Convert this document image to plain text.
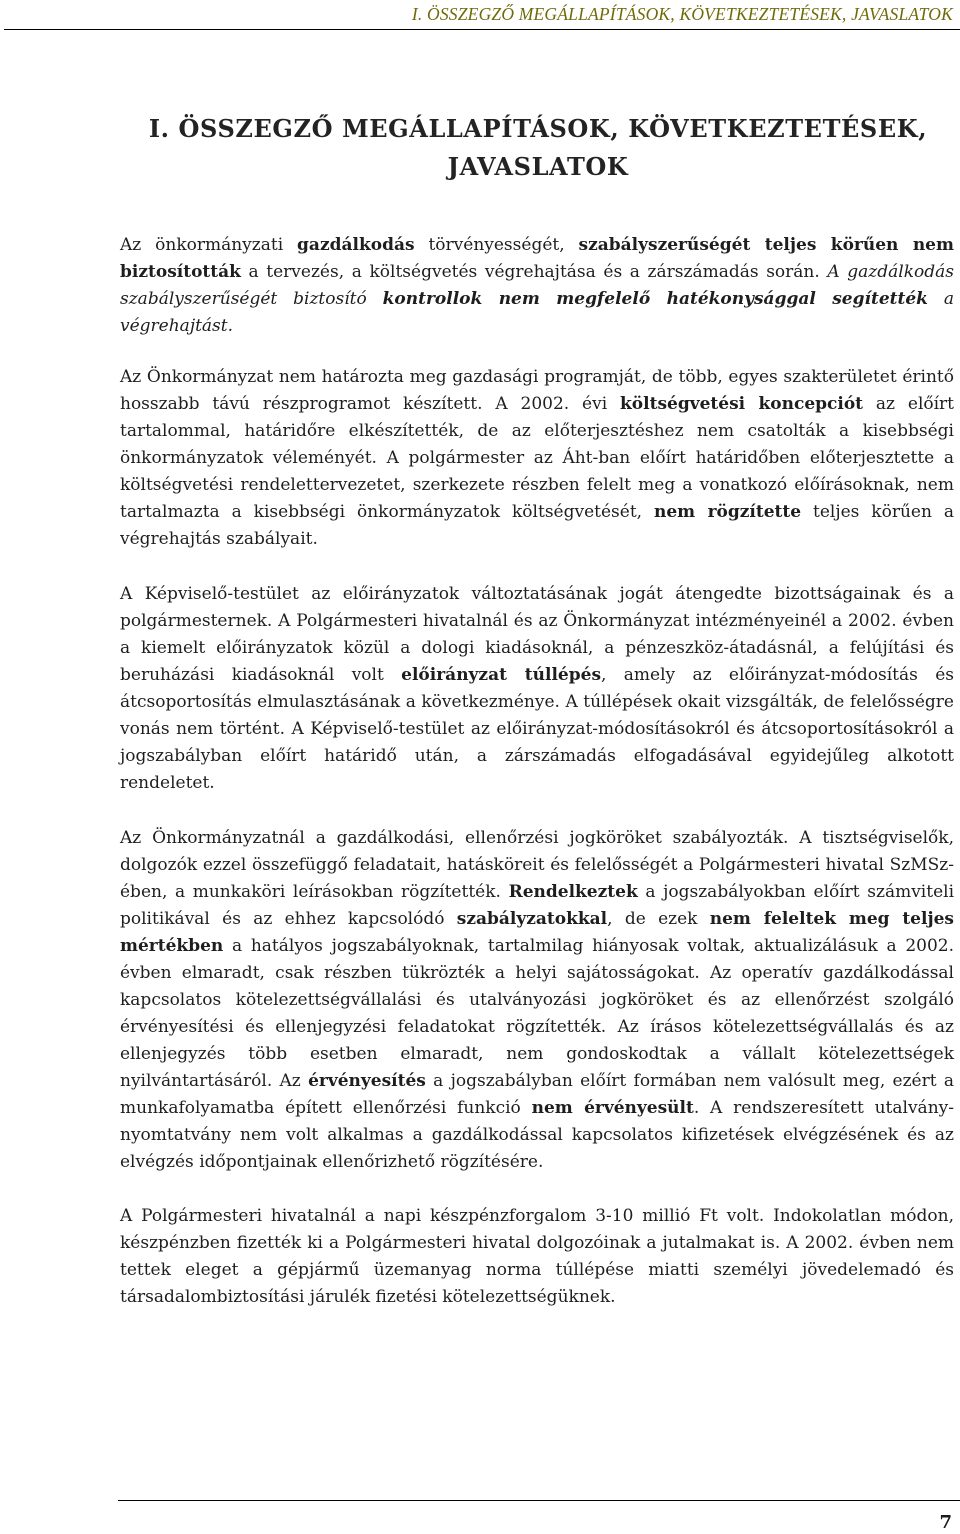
I. ÖSSZEGZŐ MEGÁLLAPÍTÁSOK, KÖVETKEZTETÉSEK, JAVASLATOK
I. ÖSSZEGZŐ MEGÁLLAPÍTÁSOK, KÖVETKEZTETÉSEK,
JAVASLATOK

Az önkormányzati gazdálkodás törvényességét, szabályszerűségét teljes körűen nem biztosították a tervezés, a költségvetés végrehajtása és a zárszámadás során. A gazdálkodás szabályszerűségét biztosító kontrollok nem megfelelő hatékonysággal segítették a végrehajtást.

Az Önkormányzat nem határozta meg gazdasági programját, de több, egyes szakterületet érintő hosszabb távú részprogramot készített. A 2002. évi költségvetési koncepciót az előírt tartalommal, határidőre elkészítették, de az előterjesztéshez nem csatolták a kisebbségi önkormányzatok véleményét. A polgármester az Áht-ban előírt határidőben előterjesztette a költségvetési rendelettervezetet, szerkezete részben felelt meg a vonatkozó előírásoknak, nem tartalmazta a kisebbségi önkormányzatok költségvetését, nem rögzítette teljes körűen a végrehajtás szabályait.

A Képviselő-testület az előirányzatok változtatásának jogát átengedte bizottságainak és a polgármesternek. A Polgármesteri hivatalnál és az Önkormányzat intézményeinél a 2002. évben a kiemelt előirányzatok közül a dologi kiadásoknál, a pénzeszköz-átadásnál, a felújítási és beruházási kiadásoknál volt előirányzat túllépés, amely az előirányzat-módosítás és átcsoportosítás elmulasztásának a következménye. A túllépések okait vizsgálták, de felelősségre vonás nem történt. A Képviselő-testület az előirányzat-módosításokról és átcsoportosításokról a jogszabályban előírt határidő után, a zárszámadás elfogadásával egyidejűleg alkotott rendeletet.

Az Önkormányzatnál a gazdálkodási, ellenőrzési jogköröket szabályozták. A tisztségviselők, dolgozók ezzel összefüggő feladatait, hatásköreit és felelősségét a Polgármesteri hivatal SzMSz-ében, a munkaköri leírásokban rögzítették. Rendelkeztek a jogszabályokban előírt számviteli politikával és az ehhez kapcsolódó szabályzatokkal, de ezek nem feleltek meg teljes mértékben a hatályos jogszabályoknak, tartalmilag hiányosak voltak, aktualizálásuk a 2002. évben elmaradt, csak részben tükrözték a helyi sajátosságokat. Az operatív gazdálkodással kapcsolatos kötelezettségvállalási és utalványozási jogköröket és az ellenőrzést szolgáló érvényesítési és ellenjegyzési feladatokat rögzítették. Az írásos kötelezettségvállalás és az ellenjegyzés több esetben elmaradt, nem gondoskodtak a vállalt kötelezettségek nyilvántartásáról. Az érvényesítés a jogszabályban előírt formában nem valósult meg, ezért a munkafolyamatba épített ellenőrzési funkció nem érvényesült. A rendszeresített utalvány-nyomtatvány nem volt alkalmas a gazdálkodással kapcsolatos kifizetések elvégzésének és az elvégzés időpontjainak ellenőrizhető rögzítésére.

A Polgármesteri hivatalnál a napi készpénzforgalom 3-10 millió Ft volt. Indokolatlan módon, készpénzben fizették ki a Polgármesteri hivatal dolgozóinak a jutalmakat is. A 2002. évben nem tettek eleget a gépjármű üzemanyag norma túllépése miatti személyi jövedelemadó és társadalombiztosítási járulék fizetési kötelezettségüknek.

7
